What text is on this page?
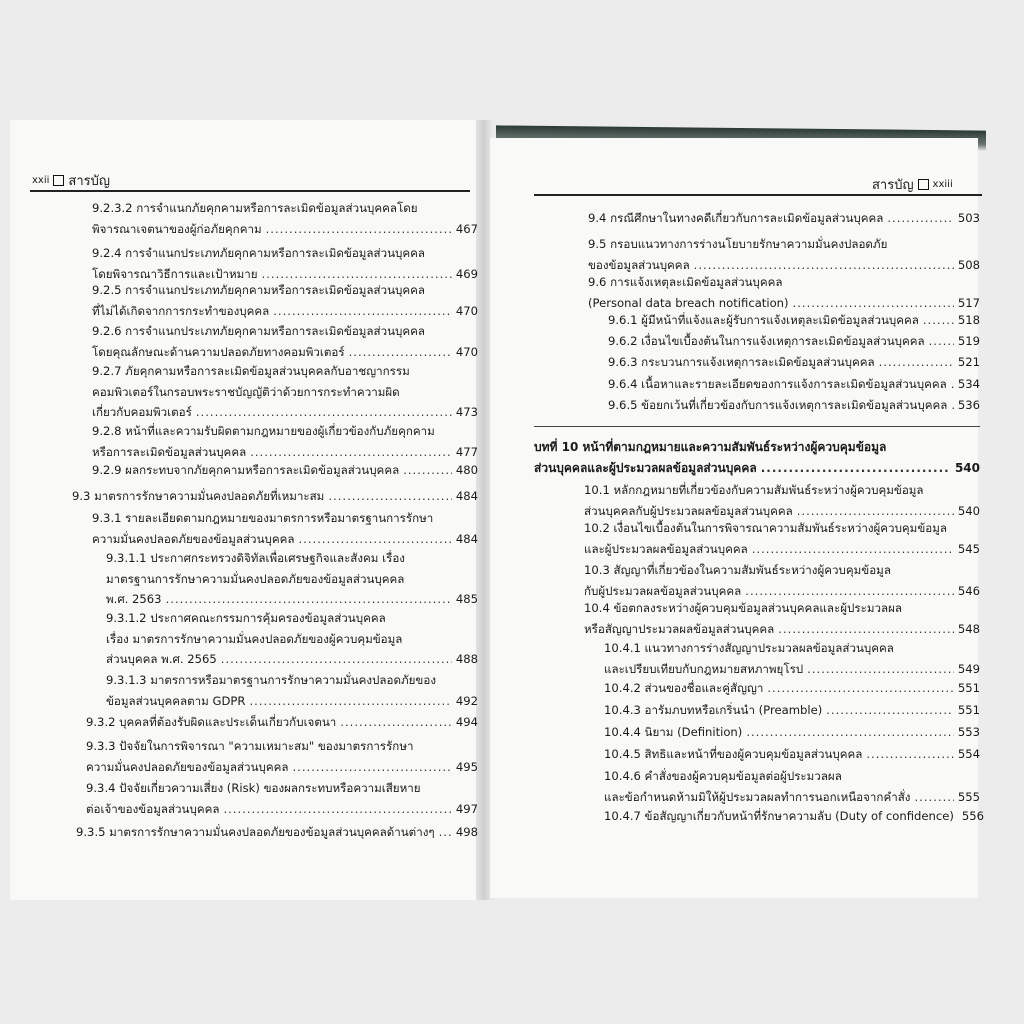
xxii สารบัญ	สารบัญ xxiii
9.2.3.2 การจำแนกภัยคุกคามหรือการละเมิดข้อมูลส่วนบุคคลโดย
พิจารณาเจตนาของผู้ก่อภัยคุกคาม .....	467
9.2.4 การจำแนกประเภทภัยคุกคามหรือการละเมิดข้อมูลส่วนบุคคล
โดยพิจารณาวิธีการและเป้าหมาย .....	469
9.2.5 การจำแนกประเภทภัยคุกคามหรือการละเมิดข้อมูลส่วนบุคคล
ที่ไม่ได้เกิดจากการกระทำของบุคคล .....	470
9.2.6 การจำแนกประเภทภัยคุกคามหรือการละเมิดข้อมูลส่วนบุคคล
โดยคุณลักษณะด้านความปลอดภัยทางคอมพิวเตอร์ .....	470
9.2.7 ภัยคุกคามหรือการละเมิดข้อมูลส่วนบุคคลกับอาชญากรรม
คอมพิวเตอร์ในกรอบพระราชบัญญัติว่าด้วยการกระทำความผิด
เกี่ยวกับคอมพิวเตอร์ .....	473
9.2.8 หน้าที่และความรับผิดตามกฎหมายของผู้เกี่ยวข้องกับภัยคุกคาม
หรือการละเมิดข้อมูลส่วนบุคคล .....	477
9.2.9 ผลกระทบจากภัยคุกคามหรือการละเมิดข้อมูลส่วนบุคคล .....	480
9.3 มาตรการรักษาความมั่นคงปลอดภัยที่เหมาะสม .....	484
9.3.1 รายละเอียดตามกฎหมายของมาตรการหรือมาตรฐานการรักษา
ความมั่นคงปลอดภัยของข้อมูลส่วนบุคคล .....	484
9.3.1.1 ประกาศกระทรวงดิจิทัลเพื่อเศรษฐกิจและสังคม เรื่อง
มาตรฐานการรักษาความมั่นคงปลอดภัยของข้อมูลส่วนบุคคล
พ.ศ. 2563 .....	485
9.3.1.2 ประกาศคณะกรรมการคุ้มครองข้อมูลส่วนบุคคล
เรื่อง มาตรการรักษาความมั่นคงปลอดภัยของผู้ควบคุมข้อมูล
ส่วนบุคคล พ.ศ. 2565 .....	488
9.3.1.3 มาตรการหรือมาตรฐานการรักษาความมั่นคงปลอดภัยของ
ข้อมูลส่วนบุคคลตาม GDPR .....	492
9.3.2 บุคคลที่ต้องรับผิดและประเด็นเกี่ยวกับเจตนา .....	494
9.3.3 ปัจจัยในการพิจารณา "ความเหมาะสม" ของมาตรการรักษา
ความมั่นคงปลอดภัยของข้อมูลส่วนบุคคล .....	495
9.3.4 ปัจจัยเกี่ยวความเสี่ยง (Risk) ของผลกระทบหรือความเสียหาย
ต่อเจ้าของข้อมูลส่วนบุคคล .....	497
9.3.5 มาตรการรักษาความมั่นคงปลอดภัยของข้อมูลส่วนบุคคลด้านต่างๆ ..... 498
9.4 กรณีศึกษาในทางคดีเกี่ยวกับการละเมิดข้อมูลส่วนบุคคล .....	503
9.5 กรอบแนวทางการร่างนโยบายรักษาความมั่นคงปลอดภัย
ของข้อมูลส่วนบุคคล .....	508
9.6 การแจ้งเหตุละเมิดข้อมูลส่วนบุคคล
(Personal data breach notification) .....	517
9.6.1 ผู้มีหน้าที่แจ้งและผู้รับการแจ้งเหตุละเมิดข้อมูลส่วนบุคคล .....	518
9.6.2 เงื่อนไขเบื้องต้นในการแจ้งเหตุการละเมิดข้อมูลส่วนบุคคล .....	519
9.6.3 กระบวนการแจ้งเหตุการละเมิดข้อมูลส่วนบุคคล .....	521
9.6.4 เนื้อหาและรายละเอียดของการแจ้งการละเมิดข้อมูลส่วนบุคคล ..... 534
9.6.5 ข้อยกเว้นที่เกี่ยวข้องกับการแจ้งเหตุการละเมิดข้อมูลส่วนบุคคล ..... 536
บทที่ 10 หน้าที่ตามกฎหมายและความสัมพันธ์ระหว่างผู้ควบคุมข้อมูล
ส่วนบุคคลและผู้ประมวลผลข้อมูลส่วนบุคคล .....	540
10.1 หลักกฎหมายที่เกี่ยวข้องกับความสัมพันธ์ระหว่างผู้ควบคุมข้อมูล
ส่วนบุคคลกับผู้ประมวลผลข้อมูลส่วนบุคคล .....	540
10.2 เงื่อนไขเบื้องต้นในการพิจารณาความสัมพันธ์ระหว่างผู้ควบคุมข้อมูล
และผู้ประมวลผลข้อมูลส่วนบุคคล .....	545
10.3 สัญญาที่เกี่ยวข้องในความสัมพันธ์ระหว่างผู้ควบคุมข้อมูล
กับผู้ประมวลผลข้อมูลส่วนบุคคล .....	546
10.4 ข้อตกลงระหว่างผู้ควบคุมข้อมูลส่วนบุคคลและผู้ประมวลผล
หรือสัญญาประมวลผลข้อมูลส่วนบุคคล .....	548
10.4.1 แนวทางการร่างสัญญาประมวลผลข้อมูลส่วนบุคคล
และเปรียบเทียบกับกฎหมายสหภาพยุโรป .....	549
10.4.2 ส่วนของชื่อและคู่สัญญา .....	551
10.4.3 อารัมภบทหรือเกริ่นนำ (Preamble) .....	551
10.4.4 นิยาม (Definition) .....	553
10.4.5 สิทธิและหน้าที่ของผู้ควบคุมข้อมูลส่วนบุคคล .....	554
10.4.6 คำสั่งของผู้ควบคุมข้อมูลต่อผู้ประมวลผล
และข้อกำหนดห้ามมิให้ผู้ประมวลผลทำการนอกเหนือจากคำสั่ง .....	555
10.4.7 ข้อสัญญาเกี่ยวกับหน้าที่รักษาความลับ (Duty of confidence) 556
